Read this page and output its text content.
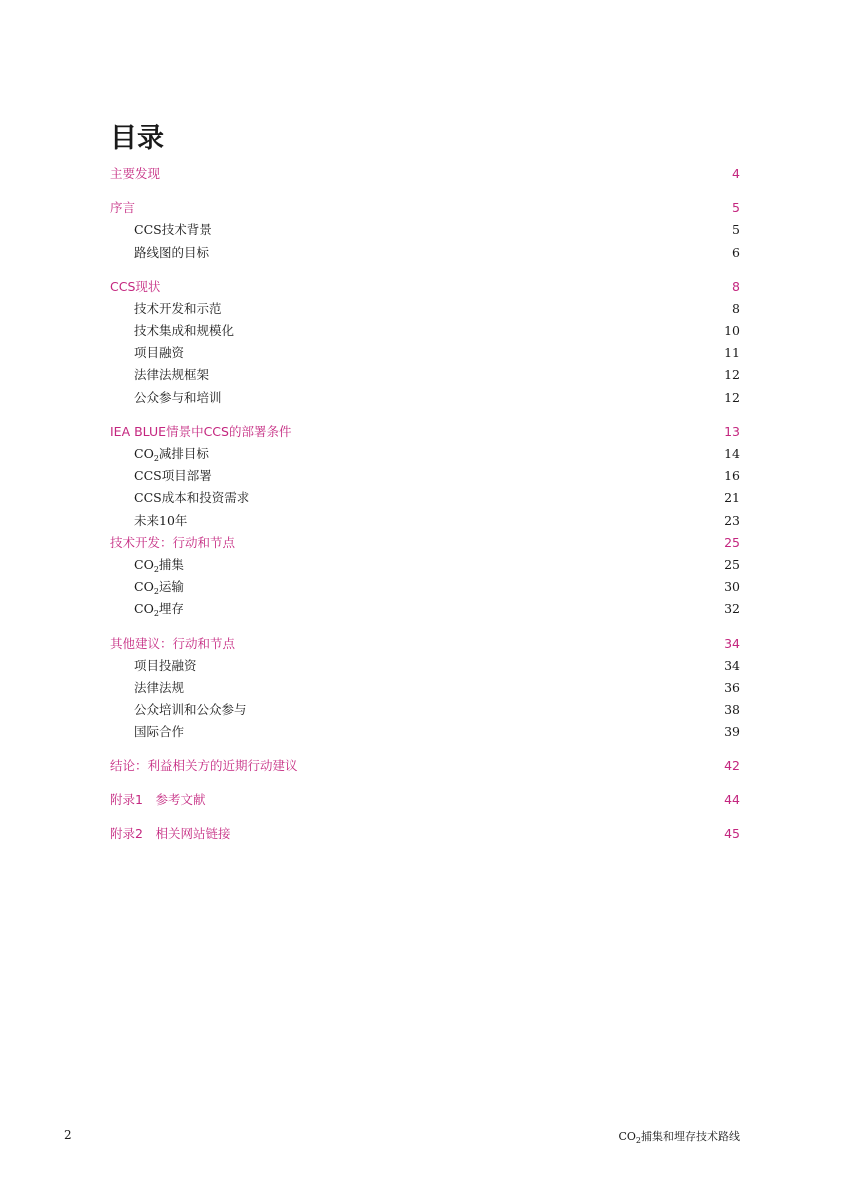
目录
主要发现	4
序言	5
CCS技术背景	5
路线图的目标	6
CCS现状	8
技术开发和示范	8
技术集成和规模化	10
项目融资	11
法律法规框架	12
公众参与和培训	12
IEA BLUE情景中CCS的部署条件	13
$CO_2$减排目标	14
CCS项目部署	16
CCS成本和投资需求	21
未来10年	23
技术开发：行动和节点	25
$CO_2$捕集	25
$CO_2$运输	30
$CO_2$埋存	32
其他建议：行动和节点	34
项目投融资	34
法律法规	36
公众培训和公众参与	38
国际合作	39
结论：利益相关方的近期行动建议	42
附录1　参考文献	44
附录2　相关网站链接	45
2	$CO_2$捕集和埋存技术路线
